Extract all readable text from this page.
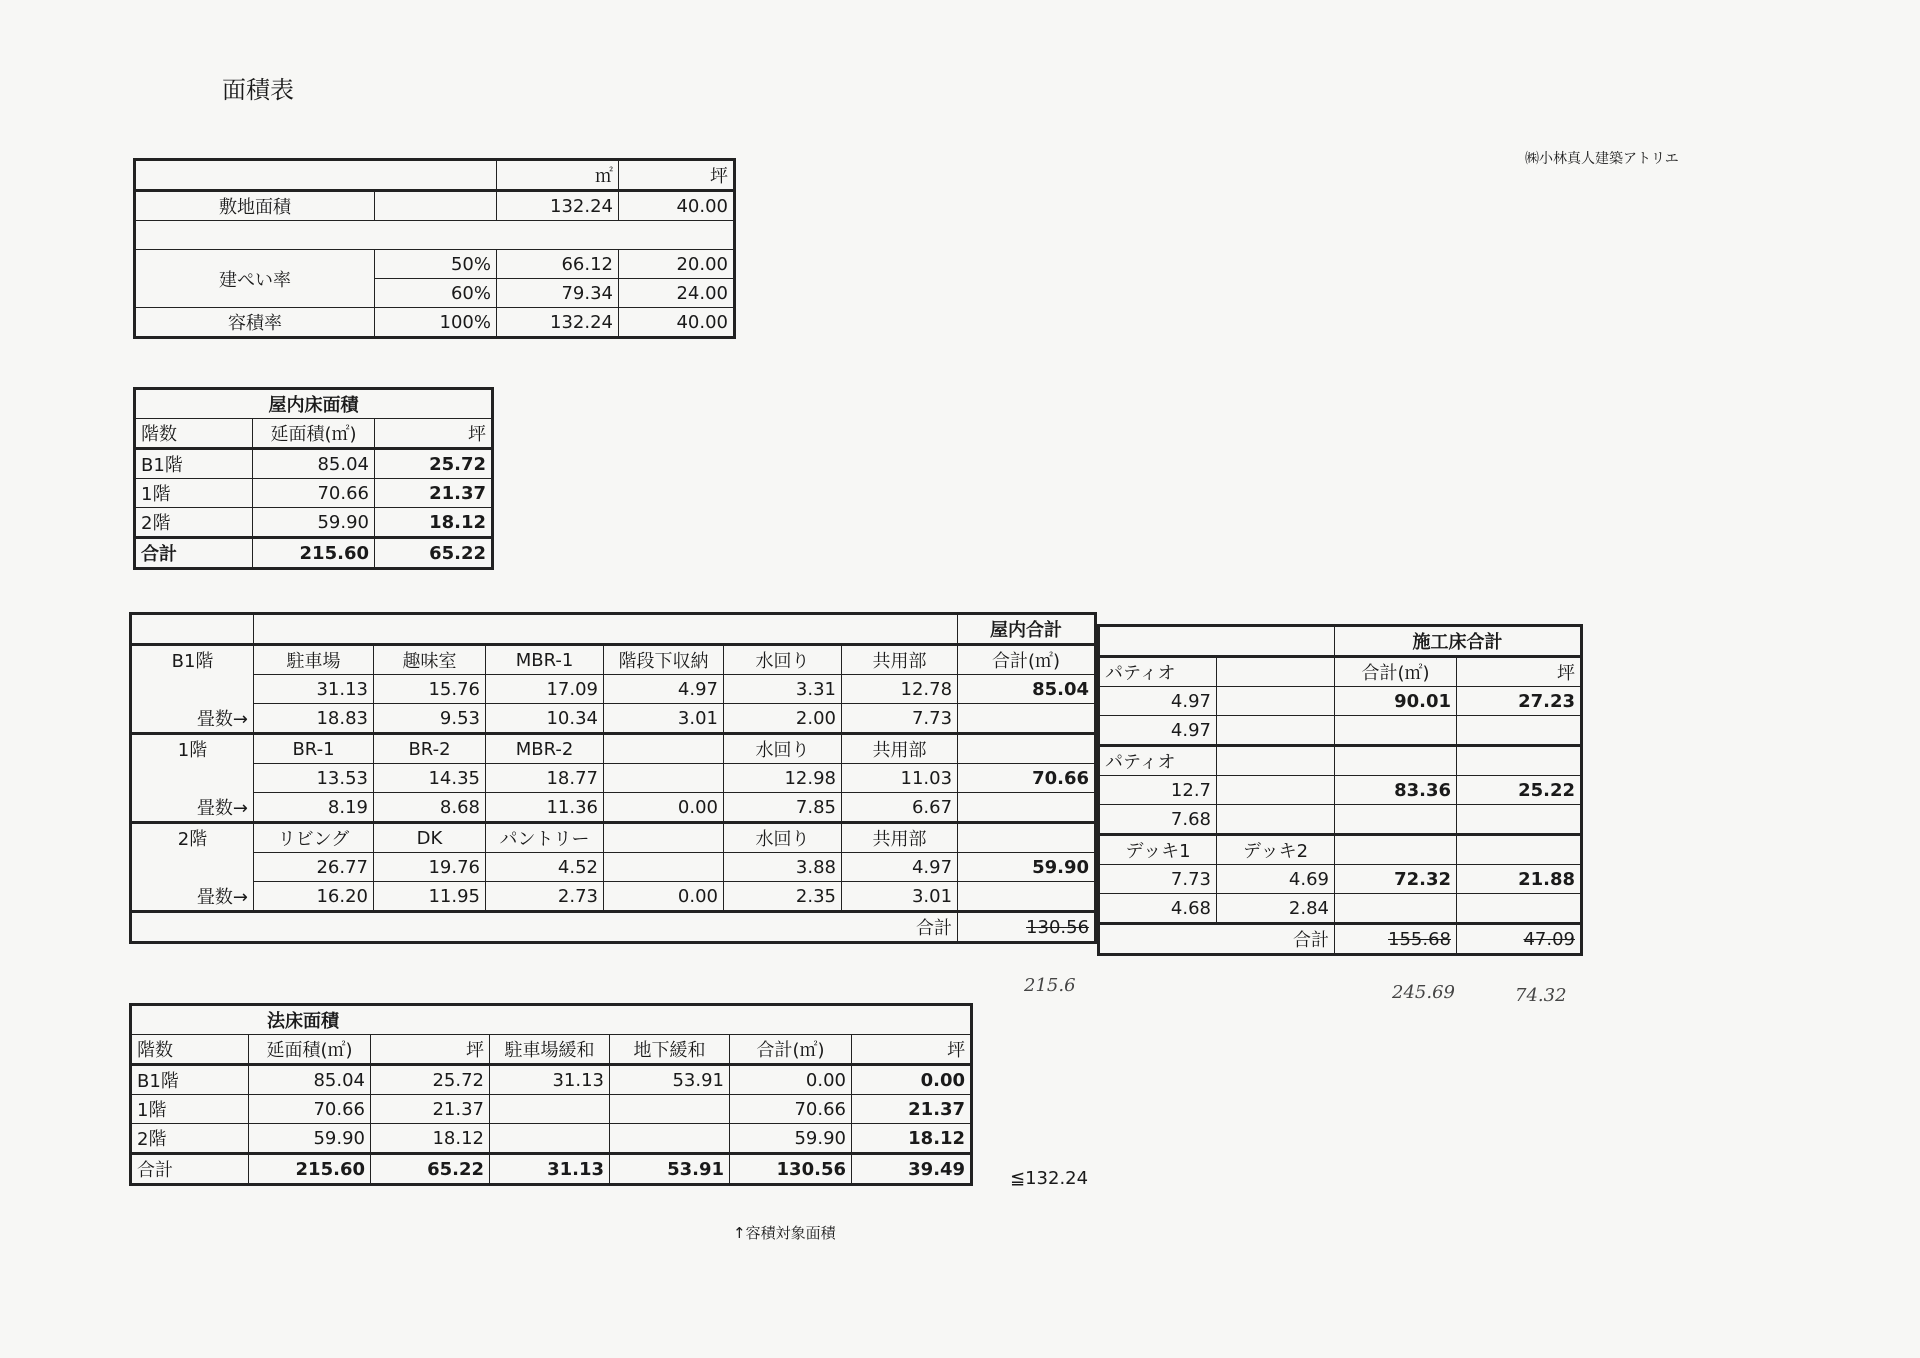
面積表
㈱小林真人建築アトリエ
		㎡	坪
敷地面積		132.24	40.00

建ぺい率	50%	66.12	20.00
	60%	79.34	24.00
容積率	100%	132.24	40.00
屋内床面積		
階数	延面積(㎡)	坪
B1階	85.04	25.72
1階	70.66	21.37
2階	59.90	18.12
合計	215.60	65.22
							屋内合計
B1階	駐車場	趣味室	MBR-1	階段下収納	水回り	共用部	合計(㎡)
	31.13	15.76	17.09	4.97	3.31	12.78	85.04
畳数→	18.83	9.53	10.34	3.01	2.00	7.73	
1階	BR-1	BR-2	MBR-2		水回り	共用部	
	13.53	14.35	18.77		12.98	11.03	70.66
畳数→	8.19	8.68	11.36	0.00	7.85	6.67	
2階	リビング	DK	パントリー		水回り	共用部	
	26.77	19.76	4.52		3.88	4.97	59.90
畳数→	16.20	11.95	2.73	0.00	2.35	3.01	
合計							130.56
		施工床合計	
パティオ		合計(㎡)	坪
4.97		90.01	27.23
4.97			
パティオ			
12.7		83.36	25.22
7.68			
デッキ1	デッキ2		
7.73	4.69	72.32	21.88
4.68	2.84		
合計		155.68	47.09
215.6	245.69	74.32
法床面積						
階数	延面積(㎡)	坪	駐車場緩和	地下緩和	合計(㎡)	坪
B1階	85.04	25.72	31.13	53.91	0.00	0.00
1階	70.66	21.37			70.66	21.37
2階	59.90	18.12			59.90	18.12
合計	215.60	65.22	31.13	53.91	130.56	39.49 ≦132.24
↑容積対象面積
